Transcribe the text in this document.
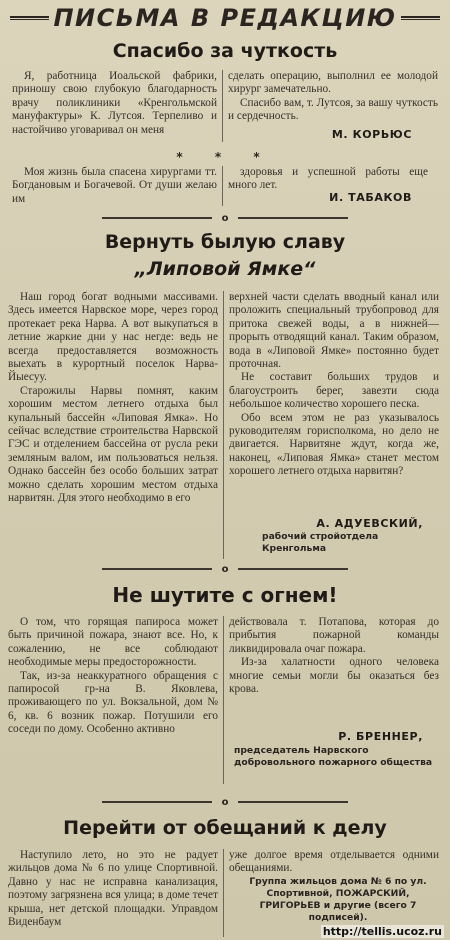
ПИСЬМА В РЕДАКЦИЮ
Спасибо за чуткость

Я, работница Иоальской фабрики, приношу свою глубокую благодарность врачу поликлиники «Кренгольмской мануфактуры» К. Лутсоя. Терпеливо и настойчиво уговаривал он меня

сделать операцию, выполнил ее молодой хирург замечательно.

Спасибо вам, т. Лутсоя, за вашу чуткость и сердечность.

М. КОРЬЮС
* * *

Моя жизнь была спасена хирургами тт. Богдановым и Богачевой. От души желаю им

здоровья и успешной работы еще много лет.

И. ТАБАКОВ
о
Вернуть былую славу
„Липовой Ямке“

Наш город богат водными массивами. Здесь имеется Нарвское море, через город протекает река Нарва. А вот выкупаться в летние жаркие дни у нас негде: ведь не всегда предоставляется возможность выехать в курортный поселок Нарва-Йыесуу.

Старожилы Нарвы помнят, каким хорошим местом летнего отдыха был купальный бассейн «Липовая Ямка». Но сейчас вследствие строительства Нарвской ГЭС и отделением бассейна от русла реки земляным валом, им пользоваться нельзя. Однако бассейн без особо больших затрат можно сделать хорошим местом отдыха нарвитян. Для этого необходимо в его

верхней части сделать вводный канал или проложить специальный трубопровод для притока свежей воды, а в нижней— прорыть отводящий канал. Таким образом, вода в «Липовой Ямке» постоянно будет проточная.

Не составит больших трудов и благоустроить берег, завезти сюда небольшое количество хорошего песка.

Обо всем этом не раз указывалось руководителям горисполкома, но дело не двигается. Нарвитяне ждут, когда же, наконец, «Липовая Ямка» станет местом хорошего летнего отдыха нарвитян?

А. АДУЕВСКИЙ,
рабочий стройотдела Кренгольма
о
Не шутите с огнем!

О том, что горящая папироса может быть причиной пожара, знают все. Но, к сожалению, не все соблюдают необходимые меры предосторожности.

Так, из-за неаккуратного обращения с папиросой гр-на В. Яковлева, проживающего по ул. Вокзальной, дом № 6, кв. 6 возник пожар. Потушили его соседи по дому. Особенно активно

действовала т. Потапова, которая до прибытия пожарной команды ликвидировала очаг пожара.

Из-за халатности одного человека многие семьи могли бы оказаться без крова.

Р. БРЕННЕР,
председатель Нарвского добровольного пожарного общества
о
Перейти от обещаний к делу

Наступило лето, но это не радует жильцов дома № 6 по улице Спортивной. Давно у нас не исправна канализация, поэтому загрязнена вся улица; в доме течет крыша, нет детской площадки. Управдом Виденбаум

уже долгое время отделывается одними обещаниями.

Группа жильцов дома № 6 по ул. Спортивной, ПОЖАРСКИЙ, ГРИГОРЬЕВ и другие (всего 7 подписей).
http://tellis.ucoz.ru
